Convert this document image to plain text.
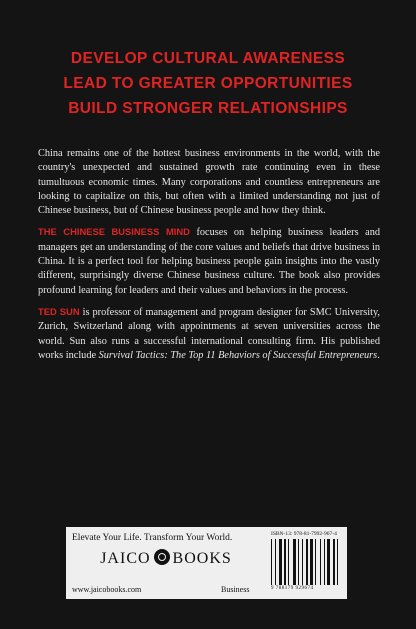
DEVELOP CULTURAL AWARENESS
LEAD TO GREATER OPPORTUNITIES
BUILD STRONGER RELATIONSHIPS

China remains one of the hottest business environments in the world, with the country's unexpected and sustained growth rate continuing even in these tumultuous economic times. Many corporations and countless entrepreneurs are looking to capitalize on this, but often with a limited understanding not just of Chinese business, but of Chinese business people and how they think.

THE CHINESE BUSINESS MIND focuses on helping business leaders and managers get an understanding of the core values and beliefs that drive business in China. It is a perfect tool for helping business people gain insights into the vastly different, surprisingly diverse Chinese business culture. The book also provides profound learning for leaders and their values and behaviors in the process.

TED SUN is professor of management and program designer for SMC University, Zurich, Switzerland along with appointments at seven universities across the world. Sun also runs a successful international consulting firm. His published works include Survival Tactics: The Top 11 Behaviors of Successful Entrepreneurs.

Elevate Your Life. Transform Your World.
JAICO BOOKS
www.jaicobooks.com	Business
ISBN-13: 978-81-7992-967-4
9 788179 929674
